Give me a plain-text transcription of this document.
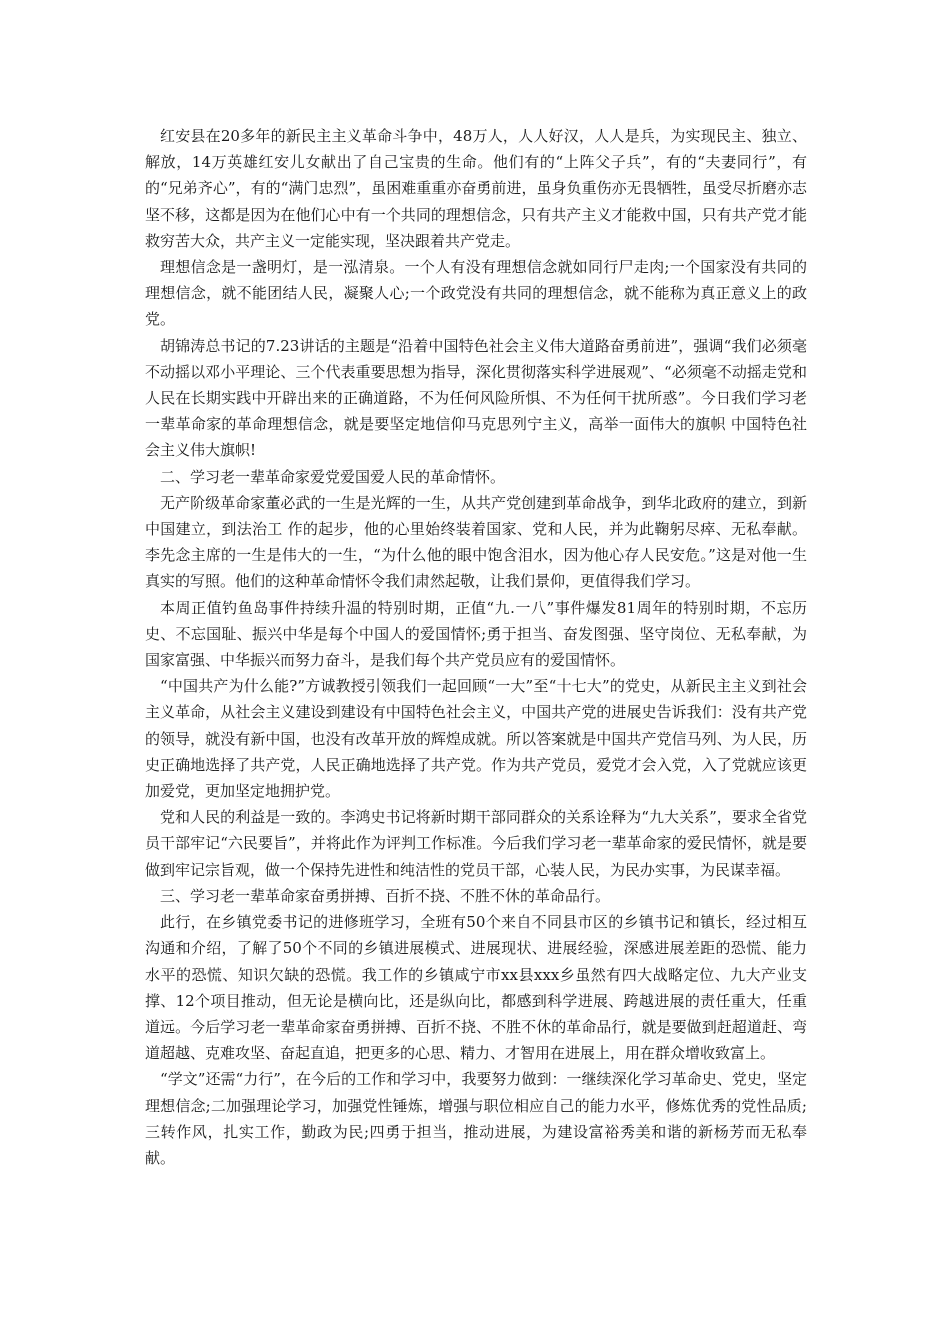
红安县在20多年的新民主主义革命斗争中，48万人，人人好汉，人人是兵，为实现民主、独立、解放，14万英雄红安儿女献出了自己宝贵的生命。他们有的“上阵父子兵”，有的“夫妻同行”，有的“兄弟齐心”，有的“满门忠烈”，虽困难重重亦奋勇前进，虽身负重伤亦无畏牺牲，虽受尽折磨亦志坚不移，这都是因为在他们心中有一个共同的理想信念，只有共产主义才能救中国，只有共产党才能救穷苦大众，共产主义一定能实现，坚决跟着共产党走。

理想信念是一盏明灯，是一泓清泉。一个人有没有理想信念就如同行尸走肉;一个国家没有共同的理想信念，就不能团结人民，凝聚人心;一个政党没有共同的理想信念，就不能称为真正意义上的政党。

胡锦涛总书记的7.23讲话的主题是“沿着中国特色社会主义伟大道路奋勇前进”，强调“我们必须毫不动摇以邓小平理论、三个代表重要思想为指导，深化贯彻落实科学进展观”、“必须毫不动摇走党和人民在长期实践中开辟出来的正确道路，不为任何风险所惧、不为任何干扰所惑”。今日我们学习老一辈革命家的革命理想信念，就是要坚定地信仰马克思列宁主义，高举一面伟大的旗帜 中国特色社会主义伟大旗帜!

二、学习老一辈革命家爱党爱国爱人民的革命情怀。

无产阶级革命家董必武的一生是光辉的一生，从共产党创建到革命战争，到华北政府的建立，到新中国建立，到法治工 作的起步，他的心里始终装着国家、党和人民，并为此鞠躬尽瘁、无私奉献。李先念主席的一生是伟大的一生，“为什么他的眼中饱含泪水，因为他心存人民安危。”这是对他一生真实的写照。他们的这种革命情怀令我们肃然起敬，让我们景仰，更值得我们学习。

本周正值钓鱼岛事件持续升温的特别时期，正值“九.一八”事件爆发81周年的特别时期，不忘历史、不忘国耻、振兴中华是每个中国人的爱国情怀;勇于担当、奋发图强、坚守岗位、无私奉献，为国家富强、中华振兴而努力奋斗，是我们每个共产党员应有的爱国情怀。

“中国共产为什么能?”方诚教授引领我们一起回顾“一大”至“十七大”的党史，从新民主主义到社会主义革命，从社会主义建设到建设有中国特色社会主义，中国共产党的进展史告诉我们：没有共产党的领导，就没有新中国，也没有改革开放的辉煌成就。所以答案就是中国共产党信马列、为人民，历史正确地选择了共产党，人民正确地选择了共产党。作为共产党员，爱党才会入党，入了党就应该更加爱党，更加坚定地拥护党。

党和人民的利益是一致的。李鸿史书记将新时期干部同群众的关系诠释为“九大关系”，要求全省党员干部牢记“六民要旨”，并将此作为评判工作标准。今后我们学习老一辈革命家的爱民情怀，就是要做到牢记宗旨观，做一个保持先进性和纯洁性的党员干部，心装人民，为民办实事，为民谋幸福。

三、学习老一辈革命家奋勇拼搏、百折不挠、不胜不休的革命品行。

此行，在乡镇党委书记的进修班学习，全班有50个来自不同县市区的乡镇书记和镇长，经过相互沟通和介绍，了解了50个不同的乡镇进展模式、进展现状、进展经验，深感进展差距的恐慌、能力水平的恐慌、知识欠缺的恐慌。我工作的乡镇咸宁市xx县xxx乡虽然有四大战略定位、九大产业支撑、12个项目推动，但无论是横向比，还是纵向比，都感到科学进展、跨越进展的责任重大，任重道远。今后学习老一辈革命家奋勇拼搏、百折不挠、不胜不休的革命品行，就是要做到赶超道赶、弯道超越、克难攻坚、奋起直追，把更多的心思、精力、才智用在进展上，用在群众增收致富上。

“学文”还需“力行”，在今后的工作和学习中，我要努力做到：一继续深化学习革命史、党史，坚定理想信念;二加强理论学习，加强党性锤炼，增强与职位相应自己的能力水平，修炼优秀的党性品质;三转作风，扎实工作，勤政为民;四勇于担当，推动进展，为建设富裕秀美和谐的新杨芳而无私奉献。
